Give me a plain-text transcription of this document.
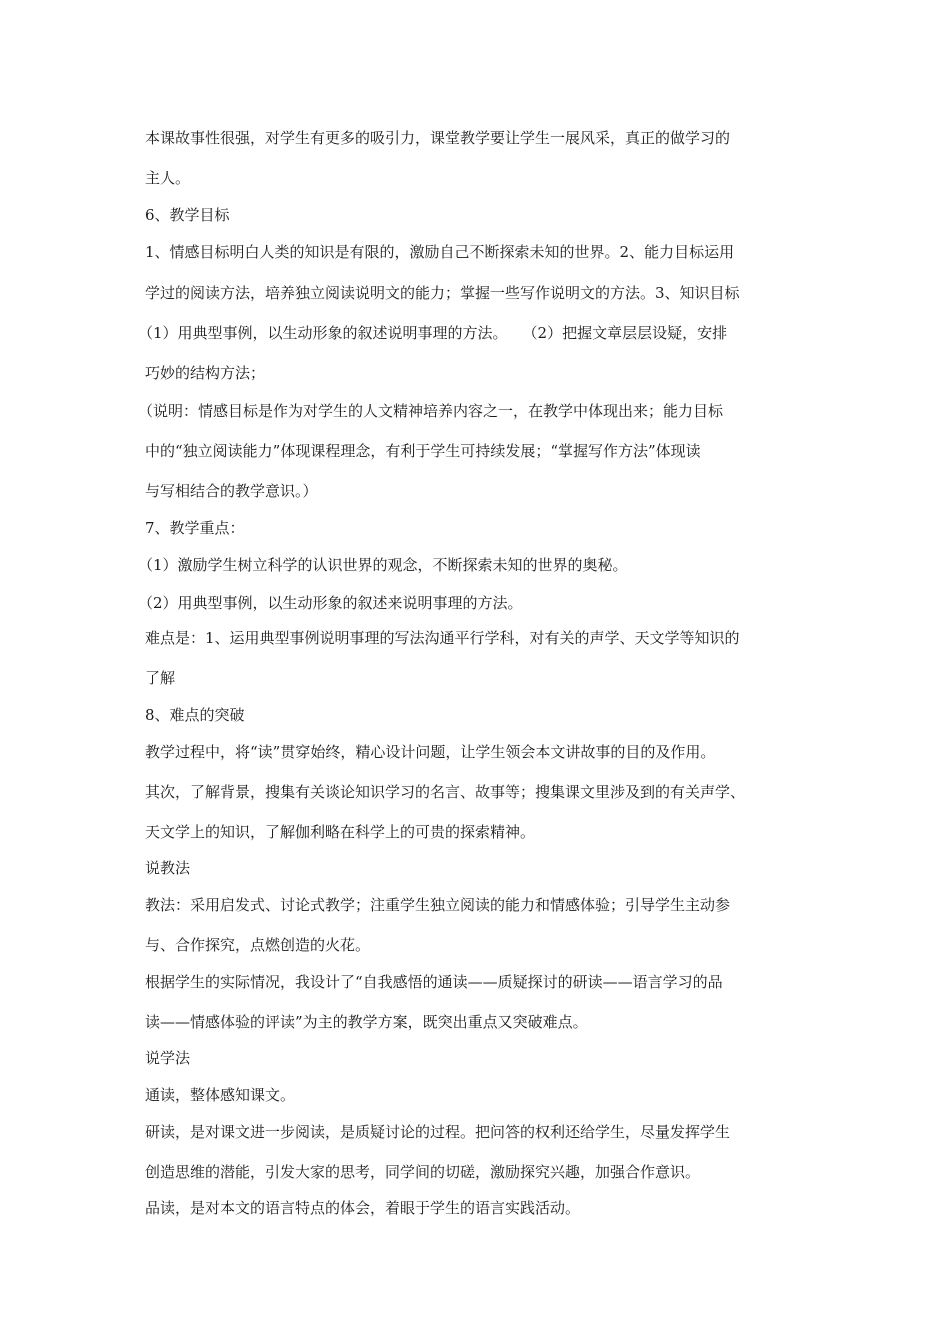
本课故事性很强，对学生有更多的吸引力，课堂教学要让学生一展风采，真正的做学习的
主人。
6、教学目标
1、情感目标明白人类的知识是有限的，激励自己不断探索未知的世界。2、能力目标运用
学过的阅读方法，培养独立阅读说明文的能力；掌握一些写作说明文的方法。3、知识目标
（1）用典型事例，以生动形象的叙述说明事理的方法。　　（2）把握文章层层设疑，安排
巧妙的结构方法；
（说明：情感目标是作为对学生的人文精神培养内容之一，在教学中体现出来；能力目标
中的“独立阅读能力”体现课程理念，有利于学生可持续发展；“掌握写作方法”体现读
与写相结合的教学意识。）
7、教学重点：
（1）激励学生树立科学的认识世界的观念，不断探索未知的世界的奥秘。
（2）用典型事例，以生动形象的叙述来说明事理的方法。
难点是：1、运用典型事例说明事理的写法沟通平行学科，对有关的声学、天文学等知识的
了解
8、难点的突破
教学过程中，将“读”贯穿始终，精心设计问题，让学生领会本文讲故事的目的及作用。
其次，了解背景，搜集有关谈论知识学习的名言、故事等；搜集课文里涉及到的有关声学、
天文学上的知识，了解伽利略在科学上的可贵的探索精神。
说教法
教法：采用启发式、讨论式教学；注重学生独立阅读的能力和情感体验；引导学生主动参
与、合作探究，点燃创造的火花。
根据学生的实际情况，我设计了“自我感悟的通读——质疑探讨的研读——语言学习的品
读——情感体验的评读”为主的教学方案，既突出重点又突破难点。
说学法
通读，整体感知课文。
研读，是对课文进一步阅读，是质疑讨论的过程。把问答的权利还给学生，尽量发挥学生
创造思维的潜能，引发大家的思考，同学间的切磋，激励探究兴趣，加强合作意识。
品读，是对本文的语言特点的体会，着眼于学生的语言实践活动。
